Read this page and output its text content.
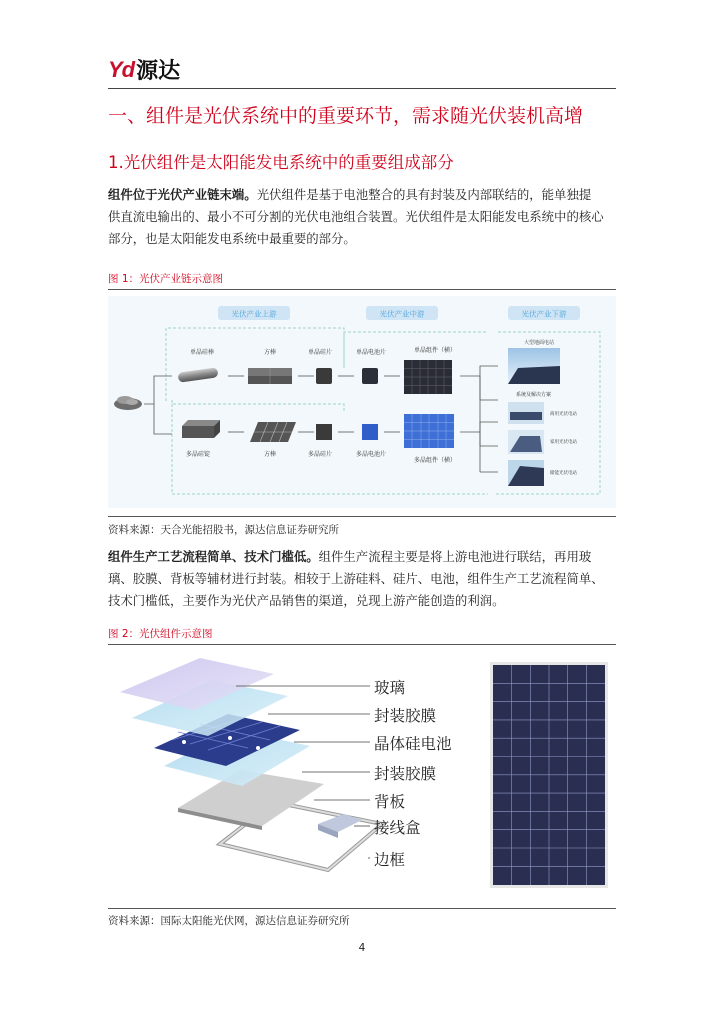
Yd 源达
一、组件是光伏系统中的重要环节，需求随光伏装机高增
1.光伏组件是太阳能发电系统中的重要组成部分
组件位于光伏产业链末端。光伏组件是基于电池整合的具有封装及内部联结的，能单独提
供直流电输出的、最小不可分割的光伏电池组合装置。光伏组件是太阳能发电系统中的核心
部分，也是太阳能发电系统中最重要的部分。
图 1：光伏产业链示意图
光伏产业上游	光伏产业中游	光伏产业下游
单晶硅棒	方棒	单晶硅片	单晶电池片	单晶组件（横）
多晶硅锭	方棒	多晶硅片	多晶电池片
多晶组件（横）
大型地面电站
系统及解决方案
商用光伏电站
家用光伏电站
储能光伏电站
资料来源：天合光能招股书，源达信息证券研究所
组件生产工艺流程简单、技术门槛低。组件生产流程主要是将上游电池进行联结，再用玻
璃、胶膜、背板等辅材进行封装。相较于上游硅料、硅片、电池，组件生产工艺流程简单、
技术门槛低，主要作为光伏产品销售的渠道，兑现上游产能创造的利润。
图 2：光伏组件示意图
玻璃
封装胶膜
晶体硅电池
封装胶膜
背板
接线盒
边框
资料来源：国际太阳能光伏网，源达信息证券研究所
4
